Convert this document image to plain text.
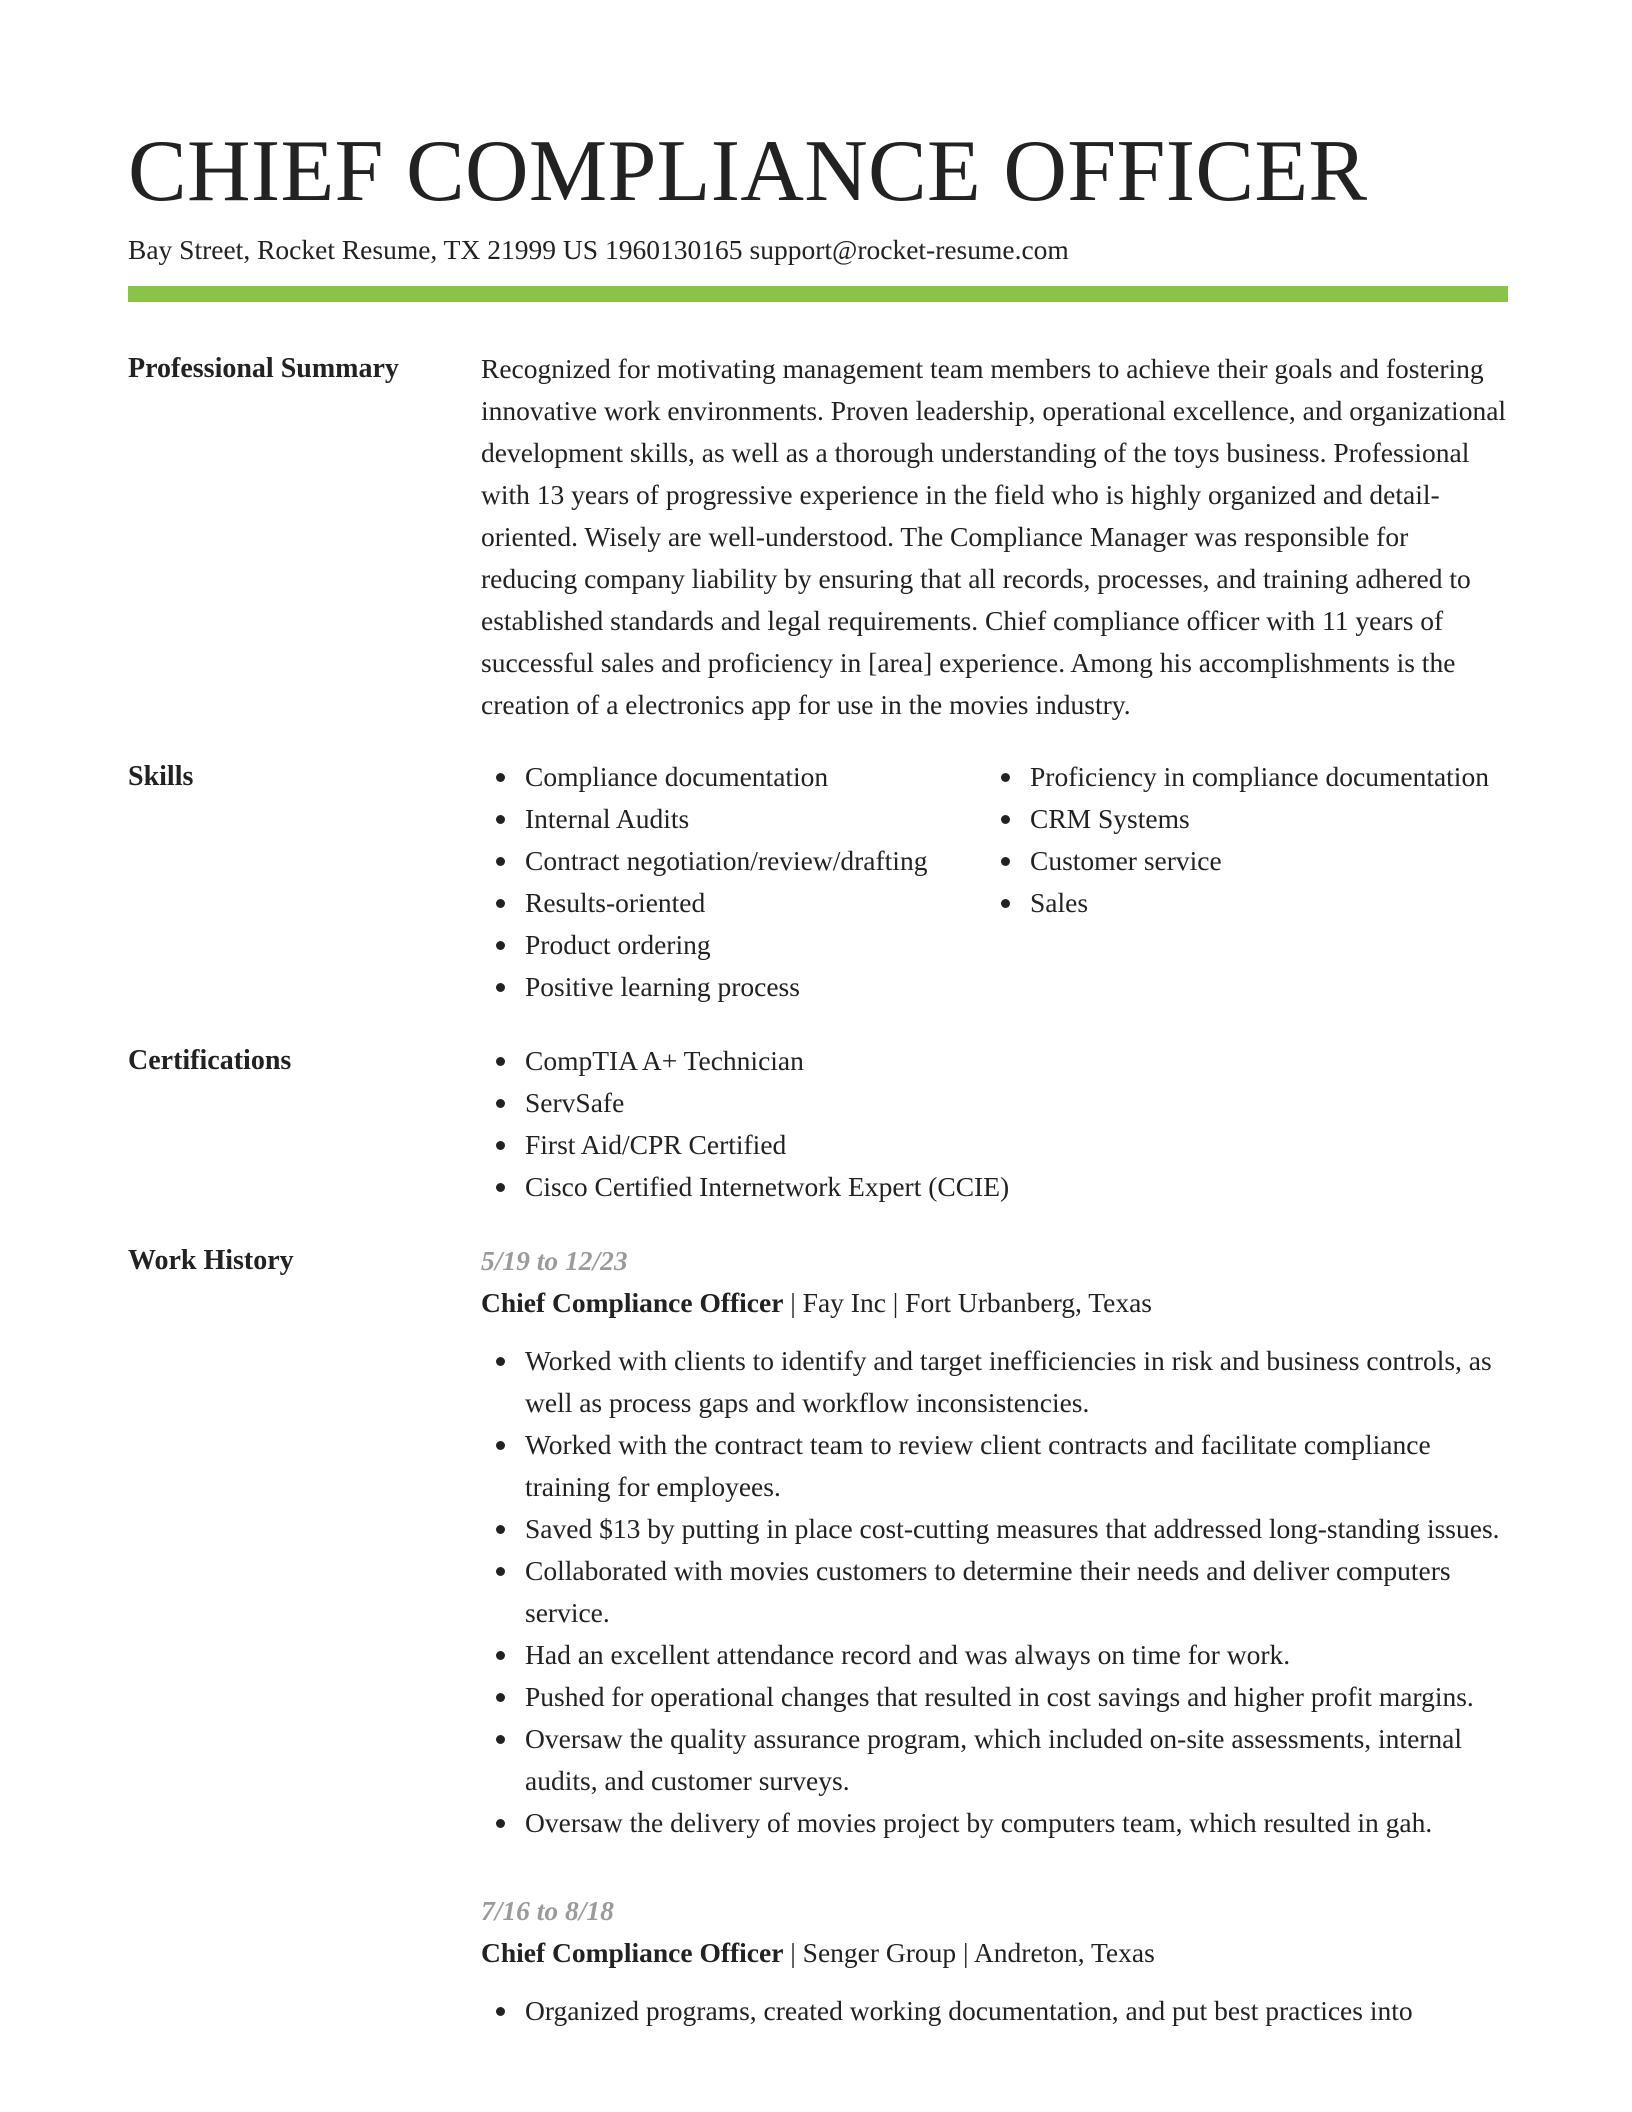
CHIEF COMPLIANCE OFFICER
Bay Street, Rocket Resume, TX 21999 US 1960130165 support@rocket-resume.com
Professional Summary	Recognized for motivating management team members to achieve their goals and fostering innovative work environments. Proven leadership, operational excellence, and organizational development skills, as well as a thorough understanding of the toys business. Professional with 13 years of progressive experience in the field who is highly organized and detail-oriented. Wisely are well-understood. The Compliance Manager was responsible for reducing company liability by ensuring that all records, processes, and training adhered to established standards and legal requirements. Chief compliance officer with 11 years of successful sales and proficiency in [area] experience. Among his accomplishments is the creation of a electronics app for use in the movies industry.

Skills	Compliance documentation
Internal Audits
Contract negotiation/review/drafting
Results-oriented
Product ordering
Positive learning process
Proficiency in compliance documentation
CRM Systems
Customer service
Sales
Certifications	CompTIA A+ Technician
ServSafe
First Aid/CPR Certified
Cisco Certified Internetwork Expert (CCIE)
Work History	5/19 to 12/23
Chief Compliance Officer | Fay Inc | Fort Urbanberg, Texas
Worked with clients to identify and target inefficiencies in risk and business controls, as well as process gaps and workflow inconsistencies.
Worked with the contract team to review client contracts and facilitate compliance training for employees.
Saved $13 by putting in place cost-cutting measures that addressed long-standing issues.
Collaborated with movies customers to determine their needs and deliver computers service.
Had an excellent attendance record and was always on time for work.
Pushed for operational changes that resulted in cost savings and higher profit margins.
Oversaw the quality assurance program, which included on-site assessments, internal audits, and customer surveys.
Oversaw the delivery of movies project by computers team, which resulted in gah.
7/16 to 8/18
Chief Compliance Officer | Senger Group | Andreton, Texas
Organized programs, created working documentation, and put best practices into
